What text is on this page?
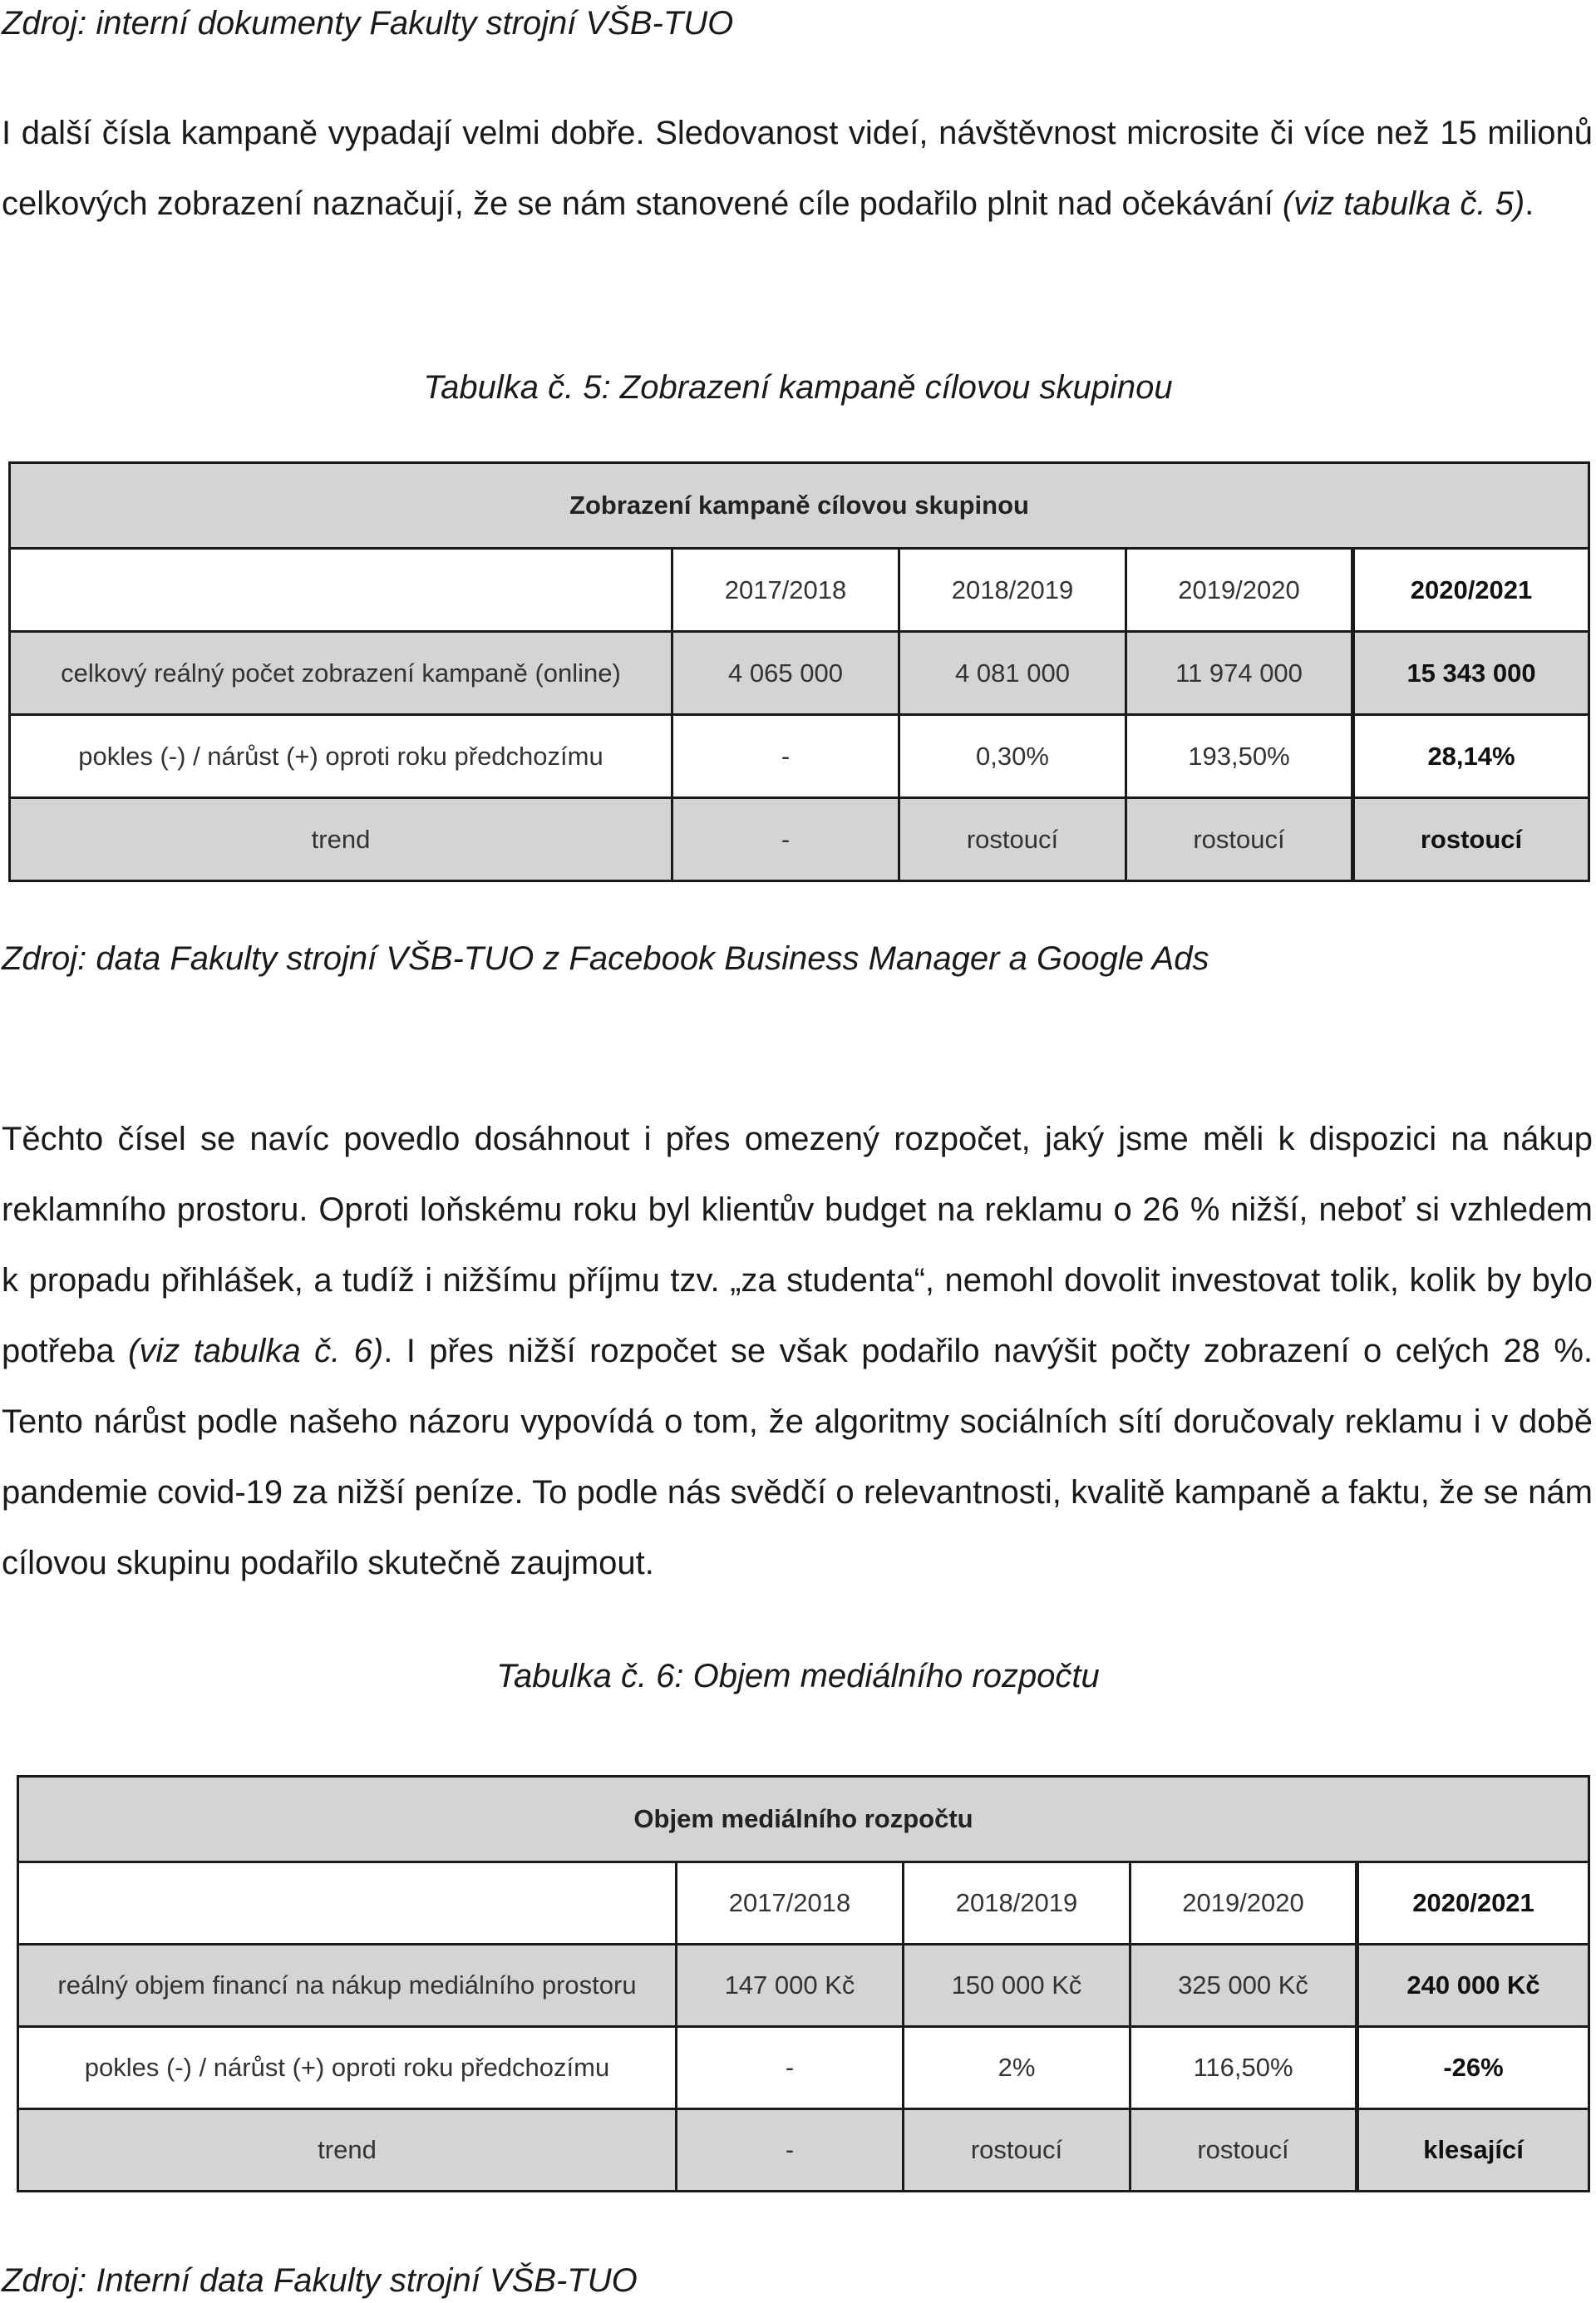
Zdroj: interní dokumenty Fakulty strojní VŠB-TUO
I další čísla kampaně vypadají velmi dobře. Sledovanost videí, návštěvnost microsite či více než 15 milionů celkových zobrazení naznačují, že se nám stanovené cíle podařilo plnit nad očekávání (viz tabulka č. 5).
Tabulka č. 5: Zobrazení kampaně cílovou skupinou
Zobrazení kampaně cílovou skupinou				
	2017/2018	2018/2019	2019/2020	2020/2021
celkový reálný počet zobrazení kampaně (online)	4 065 000	4 081 000	11 974 000	15 343 000
pokles (-) / nárůst (+) oproti roku předchozímu	-	0,30%	193,50%	28,14%
trend	-	rostoucí	rostoucí	rostoucí
Zdroj: data Fakulty strojní VŠB-TUO z Facebook Business Manager a Google Ads
Těchto čísel se navíc povedlo dosáhnout i přes omezený rozpočet, jaký jsme měli k dispozici na nákup reklamního prostoru. Oproti loňskému roku byl klientův budget na reklamu o 26 % nižší, neboť si vzhledem k propadu přihlášek, a tudíž i nižšímu příjmu tzv. „za studenta“, nemohl dovolit investovat tolik, kolik by bylo potřeba (viz tabulka č. 6). I přes nižší rozpočet se však podařilo navýšit počty zobrazení o celých 28 %. Tento nárůst podle našeho názoru vypovídá o tom, že algoritmy sociálních sítí doručovaly reklamu i v době pandemie covid-19 za nižší peníze. To podle nás svědčí o relevantnosti, kvalitě kampaně a faktu, že se nám cílovou skupinu podařilo skutečně zaujmout.
Tabulka č. 6: Objem mediálního rozpočtu
Objem mediálního rozpočtu				
	2017/2018	2018/2019	2019/2020	2020/2021
reálný objem financí na nákup mediálního prostoru	147 000 Kč	150 000 Kč	325 000 Kč	240 000 Kč
pokles (-) / nárůst (+) oproti roku předchozímu	-	2%	116,50%	-26%
trend	-	rostoucí	rostoucí	klesající
Zdroj: Interní data Fakulty strojní VŠB-TUO
